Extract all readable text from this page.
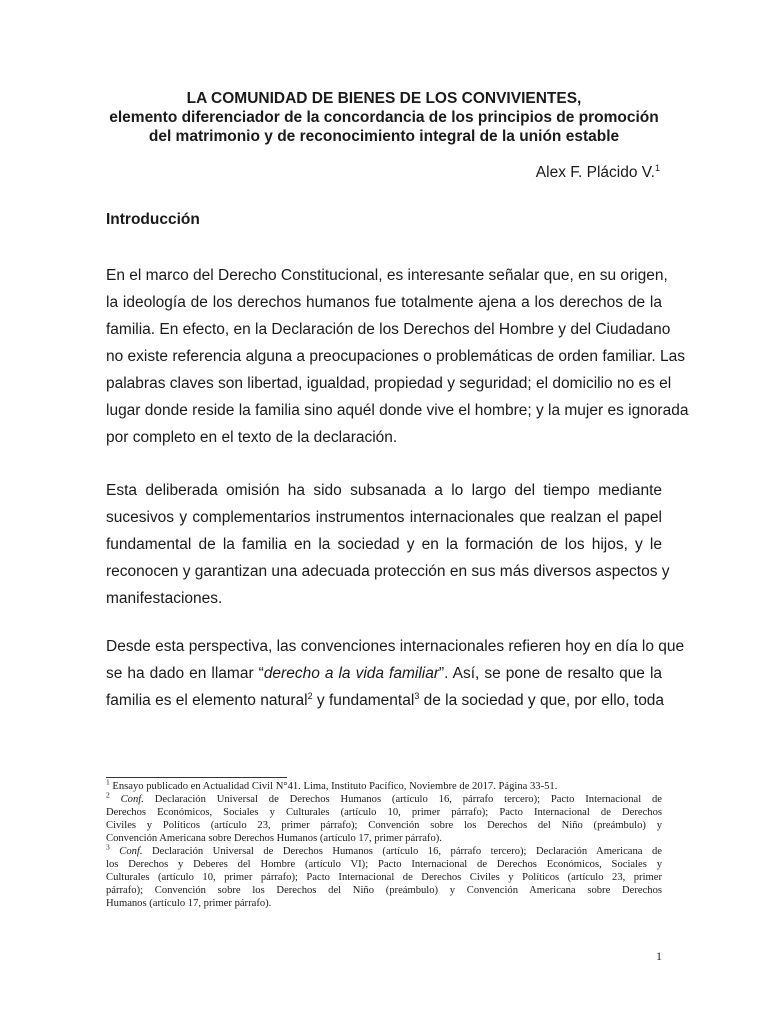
LA COMUNIDAD DE BIENES DE LOS CONVIVIENTES,
elemento diferenciador de la concordancia de los principios de promoción
del matrimonio y de reconocimiento integral de la unión estable
Alex F. Plácido V.$^1$
Introducción
En el marco del Derecho Constitucional, es interesante señalar que, en su origen,
la ideología de los derechos humanos fue totalmente ajena a los derechos de la
familia. En efecto, en la Declaración de los Derechos del Hombre y del Ciudadano
no existe referencia alguna a preocupaciones o problemáticas de orden familiar. Las
palabras claves son libertad, igualdad, propiedad y seguridad; el domicilio no es el
lugar donde reside la familia sino aquél donde vive el hombre; y la mujer es ignorada
por completo en el texto de la declaración.
Esta deliberada omisión ha sido subsanada a lo largo del tiempo mediante
sucesivos y complementarios instrumentos internacionales que realzan el papel
fundamental de la familia en la sociedad y en la formación de los hijos, y le
reconocen y garantizan una adecuada protección en sus más diversos aspectos y
manifestaciones.
Desde esta perspectiva, las convenciones internacionales refieren hoy en día lo que
se ha dado en llamar “derecho a la vida familiar”. Así, se pone de resalto que la
familia es el elemento natural$^2$ y fundamental$^3$ de la sociedad y que, por ello, toda
$^1$ Ensayo publicado en Actualidad Civil N°41. Lima, Instituto Pacífico, Noviembre de 2017. Página 33-51.
$^2$ Conf. Declaración Universal de Derechos Humanos (artículo 16, párrafo tercero); Pacto Internacional de
Derechos Económicos, Sociales y Culturales (artículo 10, primer párrafo); Pacto Internacional de Derechos
Civiles y Políticos (artículo 23, primer párrafo); Convención sobre los Derechos del Niño (preámbulo) y
Convención Americana sobre Derechos Humanos (artículo 17, primer párrafo).
$^3$ Conf. Declaración Universal de Derechos Humanos (artículo 16, párrafo tercero); Declaración Americana de
los Derechos y Deberes del Hombre (artículo VI); Pacto Internacional de Derechos Económicos, Sociales y
Culturales (artículo 10, primer párrafo); Pacto Internacional de Derechos Civiles y Políticos (artículo 23, primer
párrafo); Convención sobre los Derechos del Niño (preámbulo) y Convención Americana sobre Derechos
Humanos (artículo 17, primer párrafo).
1
